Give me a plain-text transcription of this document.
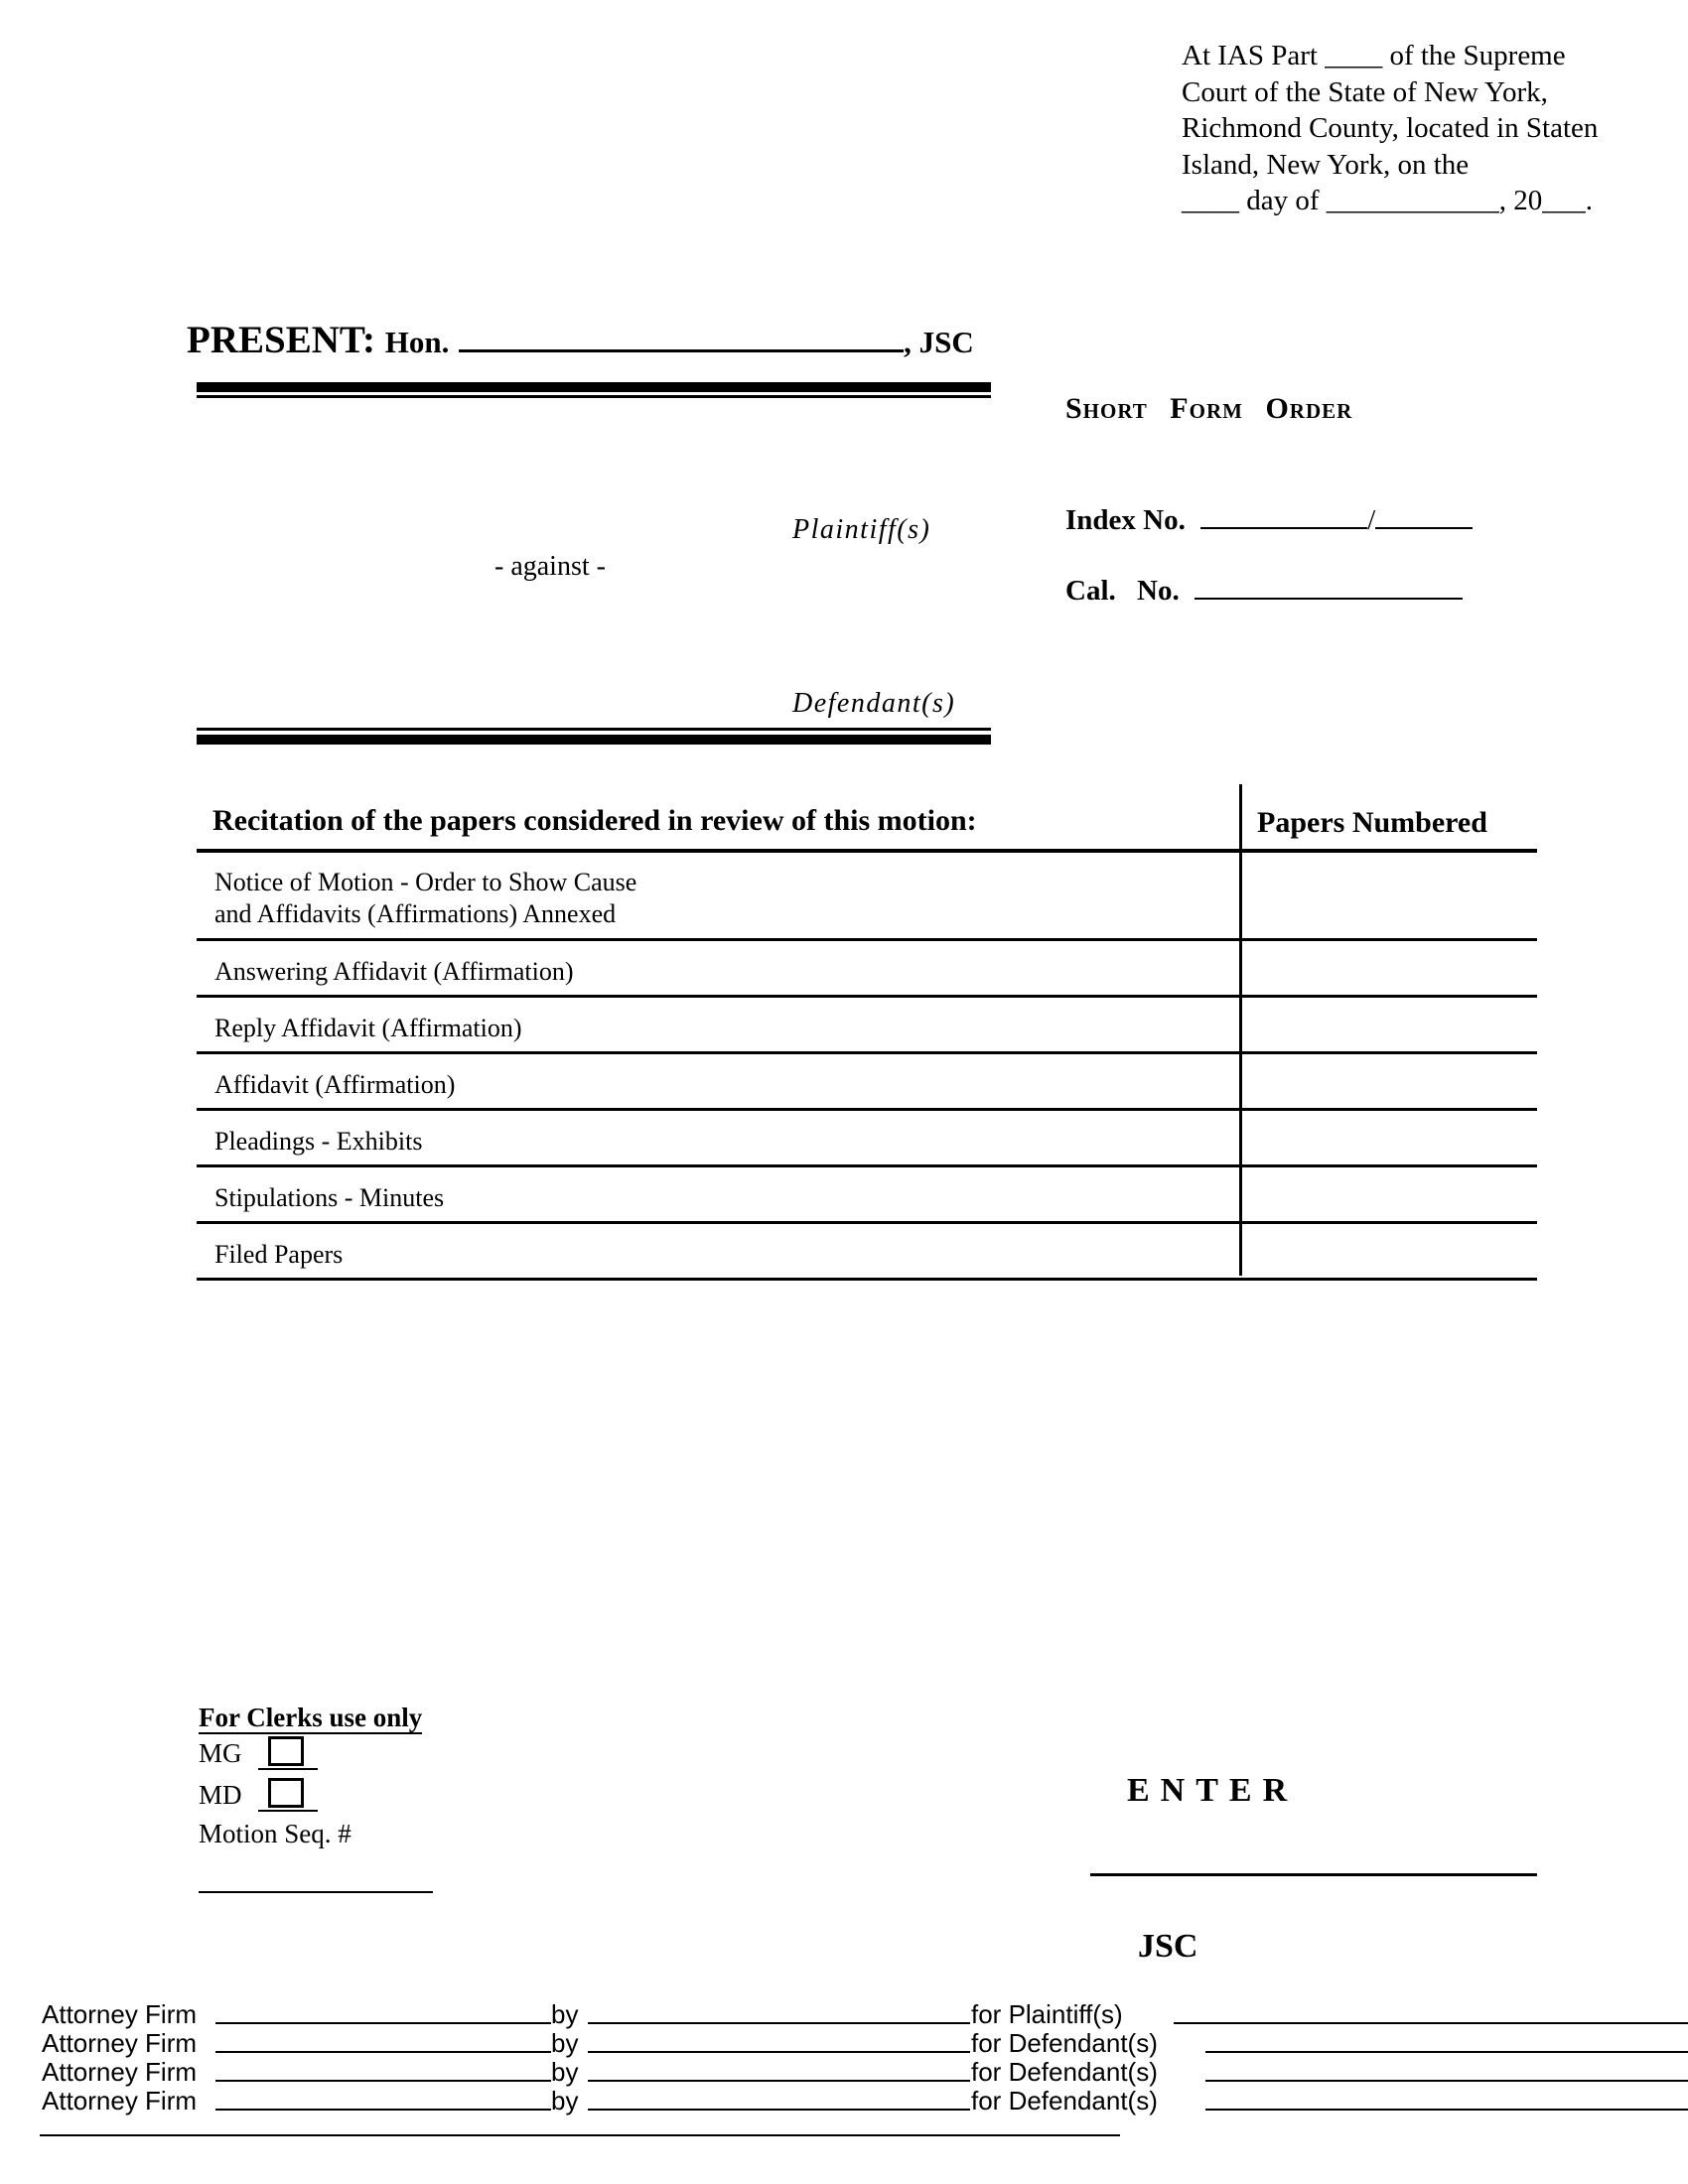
At IAS Part ____ of the Supreme
Court of the State of New York,
Richmond County, located in Staten
Island, New York, on the
____ day of ____________, 20___.
PRESENT: Hon.	, JSC
Short Form Order
Plaintiff(s)
- against -
Defendant(s)
Index No.	/
Cal. No.
Recitation of the papers considered in review of this motion:	Papers Numbered
Notice of Motion - Order to Show Cause
and Affidavits (Affirmations) Annexed
Answering Affidavit (Affirmation)
Reply Affidavit (Affirmation)
Affidavit (Affirmation)
Pleadings - Exhibits
Stipulations - Minutes
Filed Papers
For Clerks use only
MG
MD
Motion Seq. #
ENTER
JSC
Attorney Firm	by	for Plaintiff(s)
Attorney Firm	by	for Defendant(s)
Attorney Firm	by	for Defendant(s)
Attorney Firm	by	for Defendant(s)
